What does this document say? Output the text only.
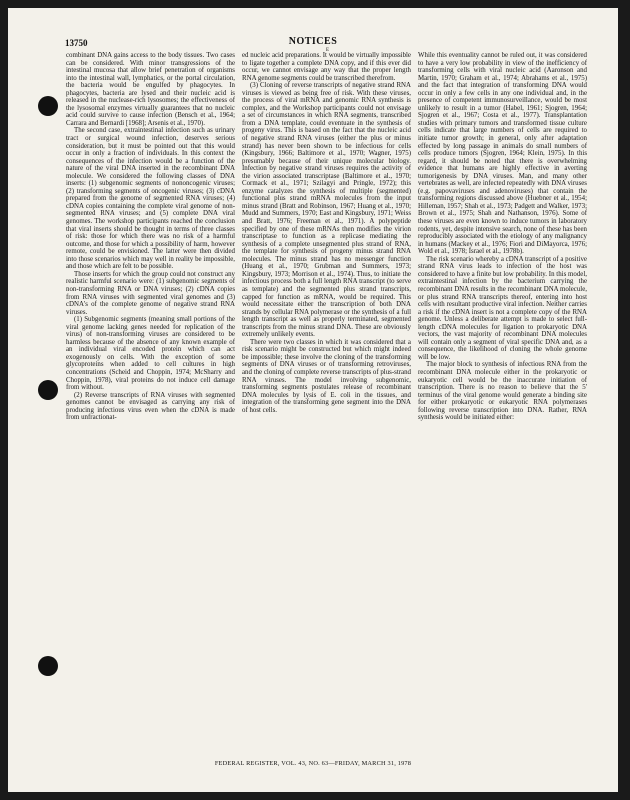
13750	NOTICES
E

combinant DNA gains access to the body tissues. Two cases can be considered. With minor transgressions of the intestinal mucosa that allow brief penetration of organisms into the intestinal wall, lymphatics, or the portal circulation, the bacteria would be engulfed by phagocytes. In phagocytes, bacteria are lysed and their nucleic acid is released in the nuclease-rich lysosomes; the effectiveness of the lysosomal enzymes virtually guarantees that no nucleic acid could survive to cause infection (Bensch et al., 1964; Carrara and Bernardi [1968]; Arsenis et al., 1970).

The second case, extraintestinal infection such as urinary tract or surgical wound infection, deserves serious consideration, but it must be pointed out that this would occur in only a fraction of individuals. In this context the consequences of the infection would be a function of the nature of the viral DNA inserted in the recombinant DNA molecule. We considered the following classes of DNA inserts: (1) subgenomic segments of nononcogenic viruses; (2) transforming segments of oncogenic viruses; (3) cDNA prepared from the genome of segmented RNA viruses; (4) cDNA copies containing the complete viral genome of non-segmented RNA viruses; and (5) complete DNA viral genomes. The workshop participants reached the conclusion that viral inserts should be thought in terms of three classes of risk: those for which there was no risk of a harmful outcome, and those for which a possibility of harm, however remote, could be envisioned. The latter were then divided into those scenarios which may well in reality be impossible, and those which are felt to be possible.

Those inserts for which the group could not construct any realistic harmful scenario were: (1) subgenomic segments of non-transforming RNA or DNA viruses; (2) cDNA copies from RNA viruses with segmented viral genomes and (3) cDNA's of the complete genome of negative strand RNA viruses.

(1) Subgenomic segments (meaning small portions of the viral genome lacking genes needed for replication of the virus) of non-transforming viruses are considered to be harmless because of the absence of any known example of an individual viral encoded protein which can act exogenously on cells. With the exception of some glycoproteins when added to cell cultures in high concentrations (Scheid and Choppin, 1974; McSharry and Choppin, 1978), viral proteins do not induce cell damage from without.

(2) Reverse transcripts of RNA viruses with segmented genomes cannot be envisaged as carrying any risk of producing infectious virus even when the cDNA is made from unfractionat-

ed nucleic acid preparations. It would be virtually impossible to ligate together a complete DNA copy, and if this ever did occur, we cannot envisage any way that the proper length RNA genome segments could be transcribed therefrom.

(3) Cloning of reverse transcripts of negative strand RNA viruses is viewed as being free of risk. With these viruses, the process of viral mRNA and genomic RNA synthesis is complex, and the Workshop participants could not envisage a set of circumstances in which RNA segments, transcribed from a DNA template, could eventuate in the synthesis of progeny virus. This is based on the fact that the nucleic acid of negative strand RNA viruses (either the plus or minus strand) has never been shown to be infectious for cells (Kingsbury, 1966; Baltimore et al., 1970; Wagner, 1975) presumably because of their unique molecular biology. Infection by negative strand viruses requires the activity of the virion associated transcriptase (Baltimore et al., 1970; Cormack et al., 1971; Szilagyi and Pringle, 1972); this enzyme catalyzes the synthesis of multiple (segmented) functional plus strand mRNA molecules from the input minus strand (Bratt and Robinson, 1967; Huang et al., 1970; Mudd and Summers, 1970; East and Kingsbury, 1971; Weiss and Bratt, 1976; Freeman et al., 1971). A polypeptide specified by one of these mRNAs then modifies the virion transcriptase to function as a replicase mediating the synthesis of a complete unsegmented plus strand of RNA, the template for synthesis of progeny minus strand RNA molecules. The minus strand has no messenger function (Huang et al., 1970; Grubman and Summers, 1973; Kingsbury, 1973; Morrison et al., 1974). Thus, to initiate the infectious process both a full length RNA transcript (to serve as template) and the segmented plus strand transcripts, capped for function as mRNA, would be required. This would necessitate either the transcription of both DNA strands by cellular RNA polymerase or the synthesis of a full length transcript as well as properly terminated, segmented transcripts from the minus strand DNA. These are obviously extremely unlikely events.

There were two classes in which it was considered that a risk scenario might be constructed but which might indeed be impossible; these involve the cloning of the transforming segments of DNA viruses or of transforming retroviruses, and the cloning of complete reverse transcripts of plus-strand RNA viruses. The model involving subgenomic, transforming segments postulates release of recombinant DNA molecules by lysis of E. coli in the tissues, and integration of the transforming gene segment into the DNA of host cells.

While this eventuality cannot be ruled out, it was considered to have a very low probability in view of the inefficiency of transforming cells with viral nucleic acid (Aaronson and Martin, 1970; Graham et al., 1974; Abrahams et al., 1975) and the fact that integration of transforming DNA would occur in only a few cells in any one individual and, in the presence of competent immunosurveillance, would be most unlikely to result in a tumor (Habel, 1961; Sjogren, 1964; Sjogren et al., 1967; Costa et al., 1977). Transplantation studies with primary tumors and transformed tissue culture cells indicate that large numbers of cells are required to initiate tumor growth; in general, only after adaptation effected by long passage in animals do small numbers of cells produce tumors (Sjogren, 1964; Klein, 1975). In this regard, it should be noted that there is overwhelming evidence that humans are highly effective in averting tumorigenesis by DNA viruses. Man, and many other vertebrates as well, are infected repeatedly with DNA viruses (e.g. papovaviruses and adenoviruses) that contain the transforming regions discussed above (Huebner et al., 1954; Hilleman, 1957; Shah et al., 1973; Padgett and Walker, 1973; Brown et al., 1975; Shah and Nathanson, 1976). Some of these viruses are even known to induce tumors in laboratory rodents, yet, despite intensive search, none of these has been reproducibly associated with the etiology of any malignancy in humans (Mackey et al., 1976; Fiori and DiMayorca, 1976; Wold et al., 1978; Israel et al., 1978b).

The risk scenario whereby a cDNA transcript of a positive strand RNA virus leads to infection of the host was considered to have a finite but low probability. In this model, extraintestinal infection by the bacterium carrying the recombinant DNA results in the recombinant DNA molecule, or plus strand RNA transcripts thereof, entering into host cells with resultant productive viral infection. Neither carries a risk if the cDNA insert is not a complete copy of the RNA genome. Unless a deliberate attempt is made to select full-length cDNA molecules for ligation to prokaryotic DNA vectors, the vast majority of recombinant DNA molecules will contain only a segment of viral specific DNA and, as a consequence, the likelihood of cloning the whole genome will be low.

The major block to synthesis of infectious RNA from the recombinant DNA molecule either in the prokaryotic or eukaryotic cell would be the inaccurate initiation of transcription. There is no reason to believe that the 5' terminus of the viral genome would generate a binding site for either prokaryotic or eukaryotic RNA polymerases following reverse transcription into DNA. Rather, RNA synthesis would be initiated either:

FEDERAL REGISTER, VOL. 43, NO. 63—FRIDAY, MARCH 31, 1978
